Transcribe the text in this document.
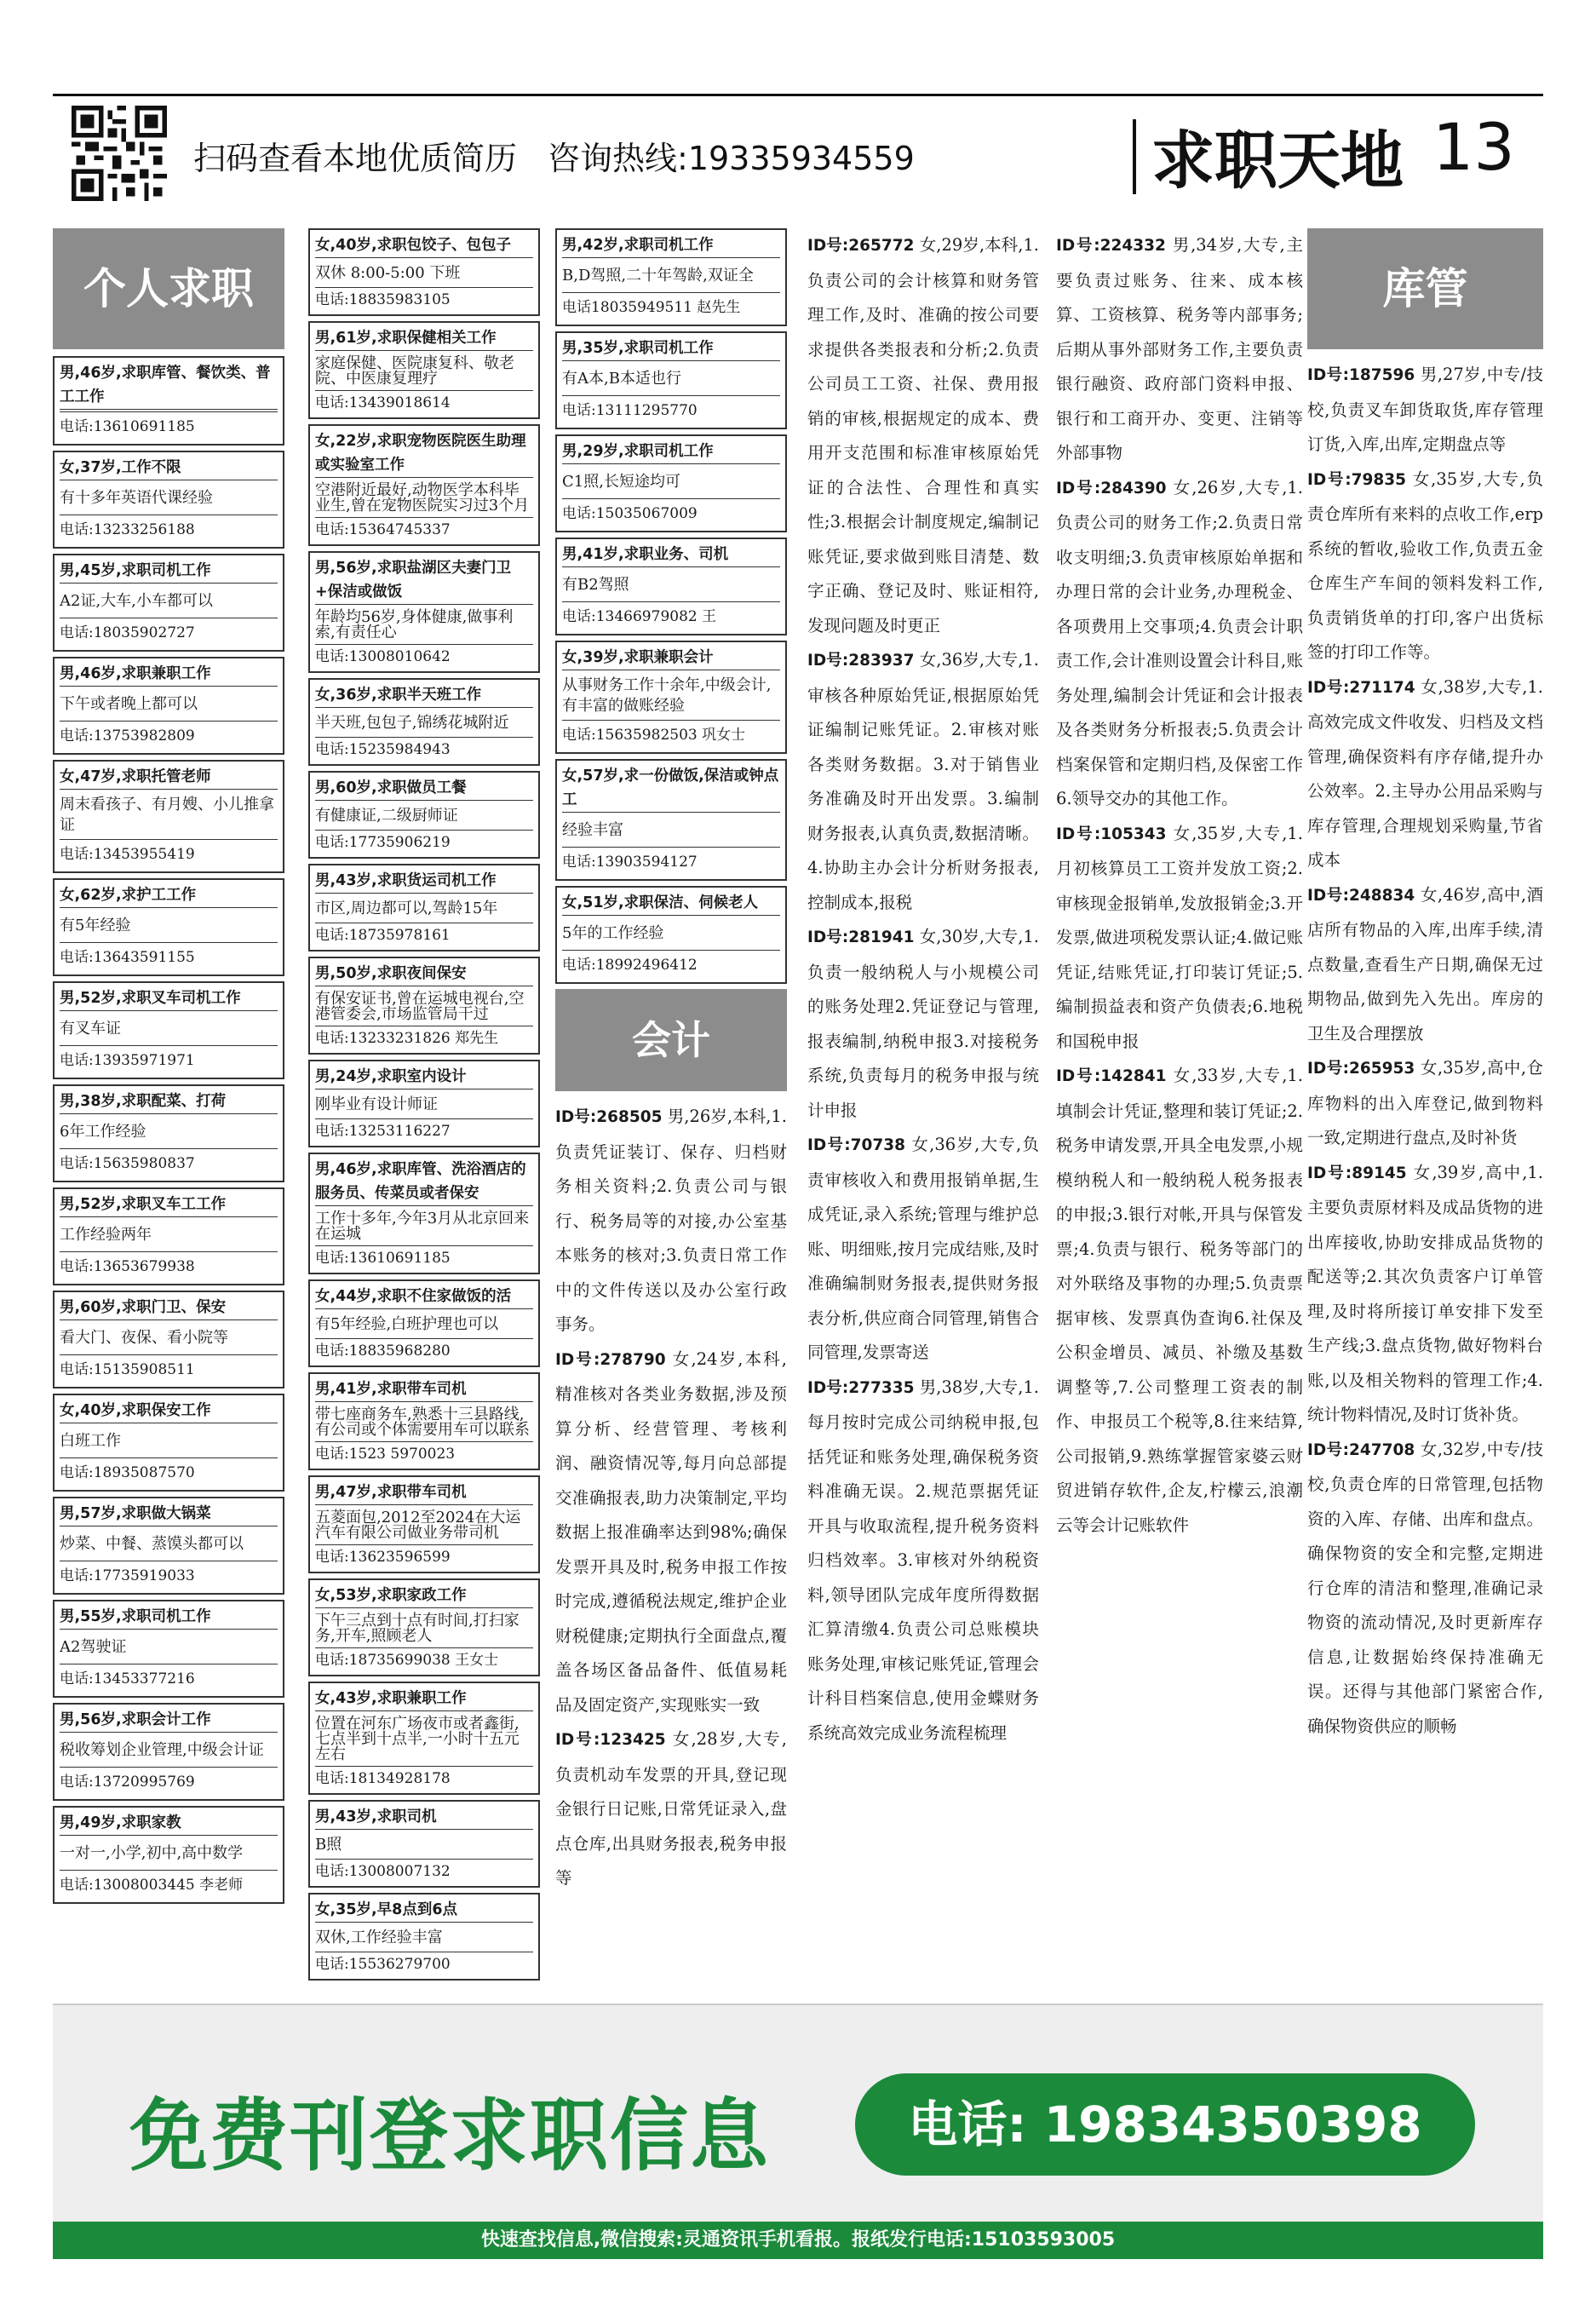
扫码查看本地优质简历 咨询热线:19335934559	求职天地 13
个人求职
男,46岁,求职库管、餐饮类、普工工作
电话:13610691185
女,37岁,工作不限
有十多年英语代课经验
电话:13233256188
男,45岁,求职司机工作
A2证,大车,小车都可以
电话:18035902727
男,46岁,求职兼职工作
下午或者晚上都可以
电话:13753982809
女,47岁,求职托管老师
周末看孩子、有月嫂、小儿推拿证
电话:13453955419
女,62岁,求护工工作
有5年经验
电话:13643591155
男,52岁,求职叉车司机工作
有叉车证
电话:13935971971
男,38岁,求职配菜、打荷
6年工作经验
电话:15635980837
男,52岁,求职叉车工工作
工作经验两年
电话:13653679938
男,60岁,求职门卫、保安
看大门、夜保、看小院等
电话:15135908511
女,40岁,求职保安工作
白班工作
电话:18935087570
男,57岁,求职做大锅菜
炒菜、中餐、蒸馍头都可以
电话:17735919033
男,55岁,求职司机工作
A2驾驶证
电话:13453377216
男,56岁,求职会计工作
税收筹划企业管理,中级会计证
电话:13720995769
男,49岁,求职家教
一对一,小学,初中,高中数学
电话:13008003445 李老师
女,40岁,求职包饺子、包包子
双休 8:00-5:00 下班
电话:18835983105
男,61岁,求职保健相关工作
家庭保健、医院康复科、敬老院、中医康复理疗
电话:13439018614
女,22岁,求职宠物医院医生助理或实验室工作
空港附近最好,动物医学本科毕业生,曾在宠物医院实习过3个月
电话:15364745337
男,56岁,求职盐湖区夫妻门卫+保洁或做饭
年龄均56岁,身体健康,做事利索,有责任心
电话:13008010642
女,36岁,求职半天班工作
半天班,包包子,锦绣花城附近
电话:15235984943
男,60岁,求职做员工餐
有健康证,二级厨师证
电话:17735906219
男,43岁,求职货运司机工作
市区,周边都可以,驾龄15年
电话:18735978161
男,50岁,求职夜间保安
有保安证书,曾在运城电视台,空港管委会,市场监管局干过
电话:13233231826 郑先生
男,24岁,求职室内设计
刚毕业有设计师证
电话:13253116227
男,46岁,求职库管、洗浴酒店的服务员、传菜员或者保安
工作十多年,今年3月从北京回来在运城
电话:13610691185
女,44岁,求职不住家做饭的活
有5年经验,白班护理也可以
电话:18835968280
男,41岁,求职带车司机
带七座商务车,熟悉十三县路线,有公司或个体需要用车可以联系
电话:1523 5970023
男,47岁,求职带车司机
五菱面包,2012至2024在大运汽车有限公司做业务带司机
电话:13623596599
女,53岁,求职家政工作
下午三点到十点有时间,打扫家务,开车,照顾老人
电话:18735699038 王女士
女,43岁,求职兼职工作
位置在河东广场夜市或者鑫街,七点半到十点半,一小时十五元左右
电话:18134928178
男,43岁,求职司机
B照
电话:13008007132
女,35岁,早8点到6点
双休,工作经验丰富
电话:15536279700
男,42岁,求职司机工作
B,D驾照,二十年驾龄,双证全
电话18035949511 赵先生
男,35岁,求职司机工作
有A本,B本适也行
电话:13111295770
男,29岁,求职司机工作
C1照,长短途均可
电话:15035067009
男,41岁,求职业务、司机
有B2驾照
电话:13466979082 王
女,39岁,求职兼职会计
从事财务工作十余年,中级会计,有丰富的做账经验
电话:15635982503 巩女士
女,57岁,求一份做饭,保洁或钟点工
经验丰富
电话:13903594127
女,51岁,求职保洁、伺候老人
5年的工作经验
电话:18992496412
会计
ID号:268505 男,26岁,本科,1.负责凭证装订、保存、归档财务相关资料;2.负责公司与银行、税务局等的对接,办公室基本账务的核对;3.负责日常工作中的文件传送以及办公室行政事务。
ID号:278790 女,24岁,本科,精准核对各类业务数据,涉及预算分析、经营管理、考核利润、融资情况等,每月向总部提交准确报表,助力决策制定,平均数据上报准确率达到98%;确保发票开具及时,税务申报工作按时完成,遵循税法规定,维护企业财税健康;定期执行全面盘点,覆盖各场区备品备件、低值易耗品及固定资产,实现账实一致
ID号:123425 女,28岁,大专,负责机动车发票的开具,登记现金银行日记账,日常凭证录入,盘点仓库,出具财务报表,税务申报等
ID号:265772 女,29岁,本科,1.负责公司的会计核算和财务管理工作,及时、准确的按公司要求提供各类报表和分析;2.负责公司员工工资、社保、费用报销的审核,根据规定的成本、费用开支范围和标准审核原始凭证的合法性、合理性和真实性;3.根据会计制度规定,编制记账凭证,要求做到账目清楚、数字正确、登记及时、账证相符,发现问题及时更正
ID号:283937 女,36岁,大专,1.审核各种原始凭证,根据原始凭证编制记账凭证。2.审核对账各类财务数据。3.对于销售业务准确及时开出发票。3.编制财务报表,认真负责,数据清晰。4.协助主办会计分析财务报表,控制成本,报税
ID号:281941 女,30岁,大专,1.负责一般纳税人与小规模公司的账务处理2.凭证登记与管理,报表编制,纳税申报3.对接税务系统,负责每月的税务申报与统计申报
ID号:70738 女,36岁,大专,负责审核收入和费用报销单据,生成凭证,录入系统;管理与维护总账、明细账,按月完成结账,及时准确编制财务报表,提供财务报表分析,供应商合同管理,销售合同管理,发票寄送
ID号:277335 男,38岁,大专,1.每月按时完成公司纳税申报,包括凭证和账务处理,确保税务资料准确无误。2.规范票据凭证开具与收取流程,提升税务资料归档效率。3.审核对外纳税资料,领导团队完成年度所得数据汇算清缴4.负责公司总账模块账务处理,审核记账凭证,管理会计科目档案信息,使用金蝶财务系统高效完成业务流程梳理
ID号:224332 男,34岁,大专,主要负责过账务、往来、成本核算、工资核算、税务等内部事务;后期从事外部财务工作,主要负责银行融资、政府部门资料申报、银行和工商开办、变更、注销等外部事物
ID号:284390 女,26岁,大专,1.负责公司的财务工作;2.负责日常收支明细;3.负责审核原始单据和办理日常的会计业务,办理税金、各项费用上交事项;4.负责会计职责工作,会计准则设置会计科目,账务处理,编制会计凭证和会计报表及各类财务分析报表;5.负责会计档案保管和定期归档,及保密工作6.领导交办的其他工作。
ID号:105343 女,35岁,大专,1.月初核算员工工资并发放工资;2.审核现金报销单,发放报销金;3.开发票,做进项税发票认证;4.做记账凭证,结账凭证,打印装订凭证;5.编制损益表和资产负债表;6.地税和国税申报
ID号:142841 女,33岁,大专,1.填制会计凭证,整理和装订凭证;2.税务申请发票,开具全电发票,小规模纳税人和一般纳税人税务报表的申报;3.银行对帐,开具与保管发票;4.负责与银行、税务等部门的对外联络及事物的办理;5.负责票据审核、发票真伪查询6.社保及公积金增员、减员、补缴及基数调整等,7.公司整理工资表的制作、申报员工个税等,8.往来结算,公司报销,9.熟练掌握管家婆云财贸进销存软件,企友,柠檬云,浪潮云等会计记账软件
库管
ID号:187596 男,27岁,中专/技校,负责叉车卸货取货,库存管理订货,入库,出库,定期盘点等
ID号:79835 女,35岁,大专,负责仓库所有来料的点收工作,erp系统的暂收,验收工作,负责五金仓库生产车间的领料发料工作,负责销货单的打印,客户出货标签的打印工作等。
ID号:271174 女,38岁,大专,1.高效完成文件收发、归档及文档管理,确保资料有序存储,提升办公效率。2.主导办公用品采购与库存管理,合理规划采购量,节省成本
ID号:248834 女,46岁,高中,酒店所有物品的入库,出库手续,清点数量,查看生产日期,确保无过期物品,做到先入先出。库房的卫生及合理摆放
ID号:265953 女,35岁,高中,仓库物料的出入库登记,做到物料一致,定期进行盘点,及时补货
ID号:89145 女,39岁,高中,1.主要负责原材料及成品货物的进出库接收,协助安排成品货物的配送等;2.其次负责客户订单管理,及时将所接订单安排下发至生产线;3.盘点货物,做好物料台账,以及相关物料的管理工作;4.统计物料情况,及时订货补货。
ID号:247708 女,32岁,中专/技校,负责仓库的日常管理,包括物资的入库、存储、出库和盘点。确保物资的安全和完整,定期进行仓库的清洁和整理,准确记录物资的流动情况,及时更新库存信息,让数据始终保持准确无误。还得与其他部门紧密合作,确保物资供应的顺畅
免费刊登求职信息	电话: 19834350398
快速查找信息,微信搜索:灵通资讯手机看报。报纸发行电话:15103593005
